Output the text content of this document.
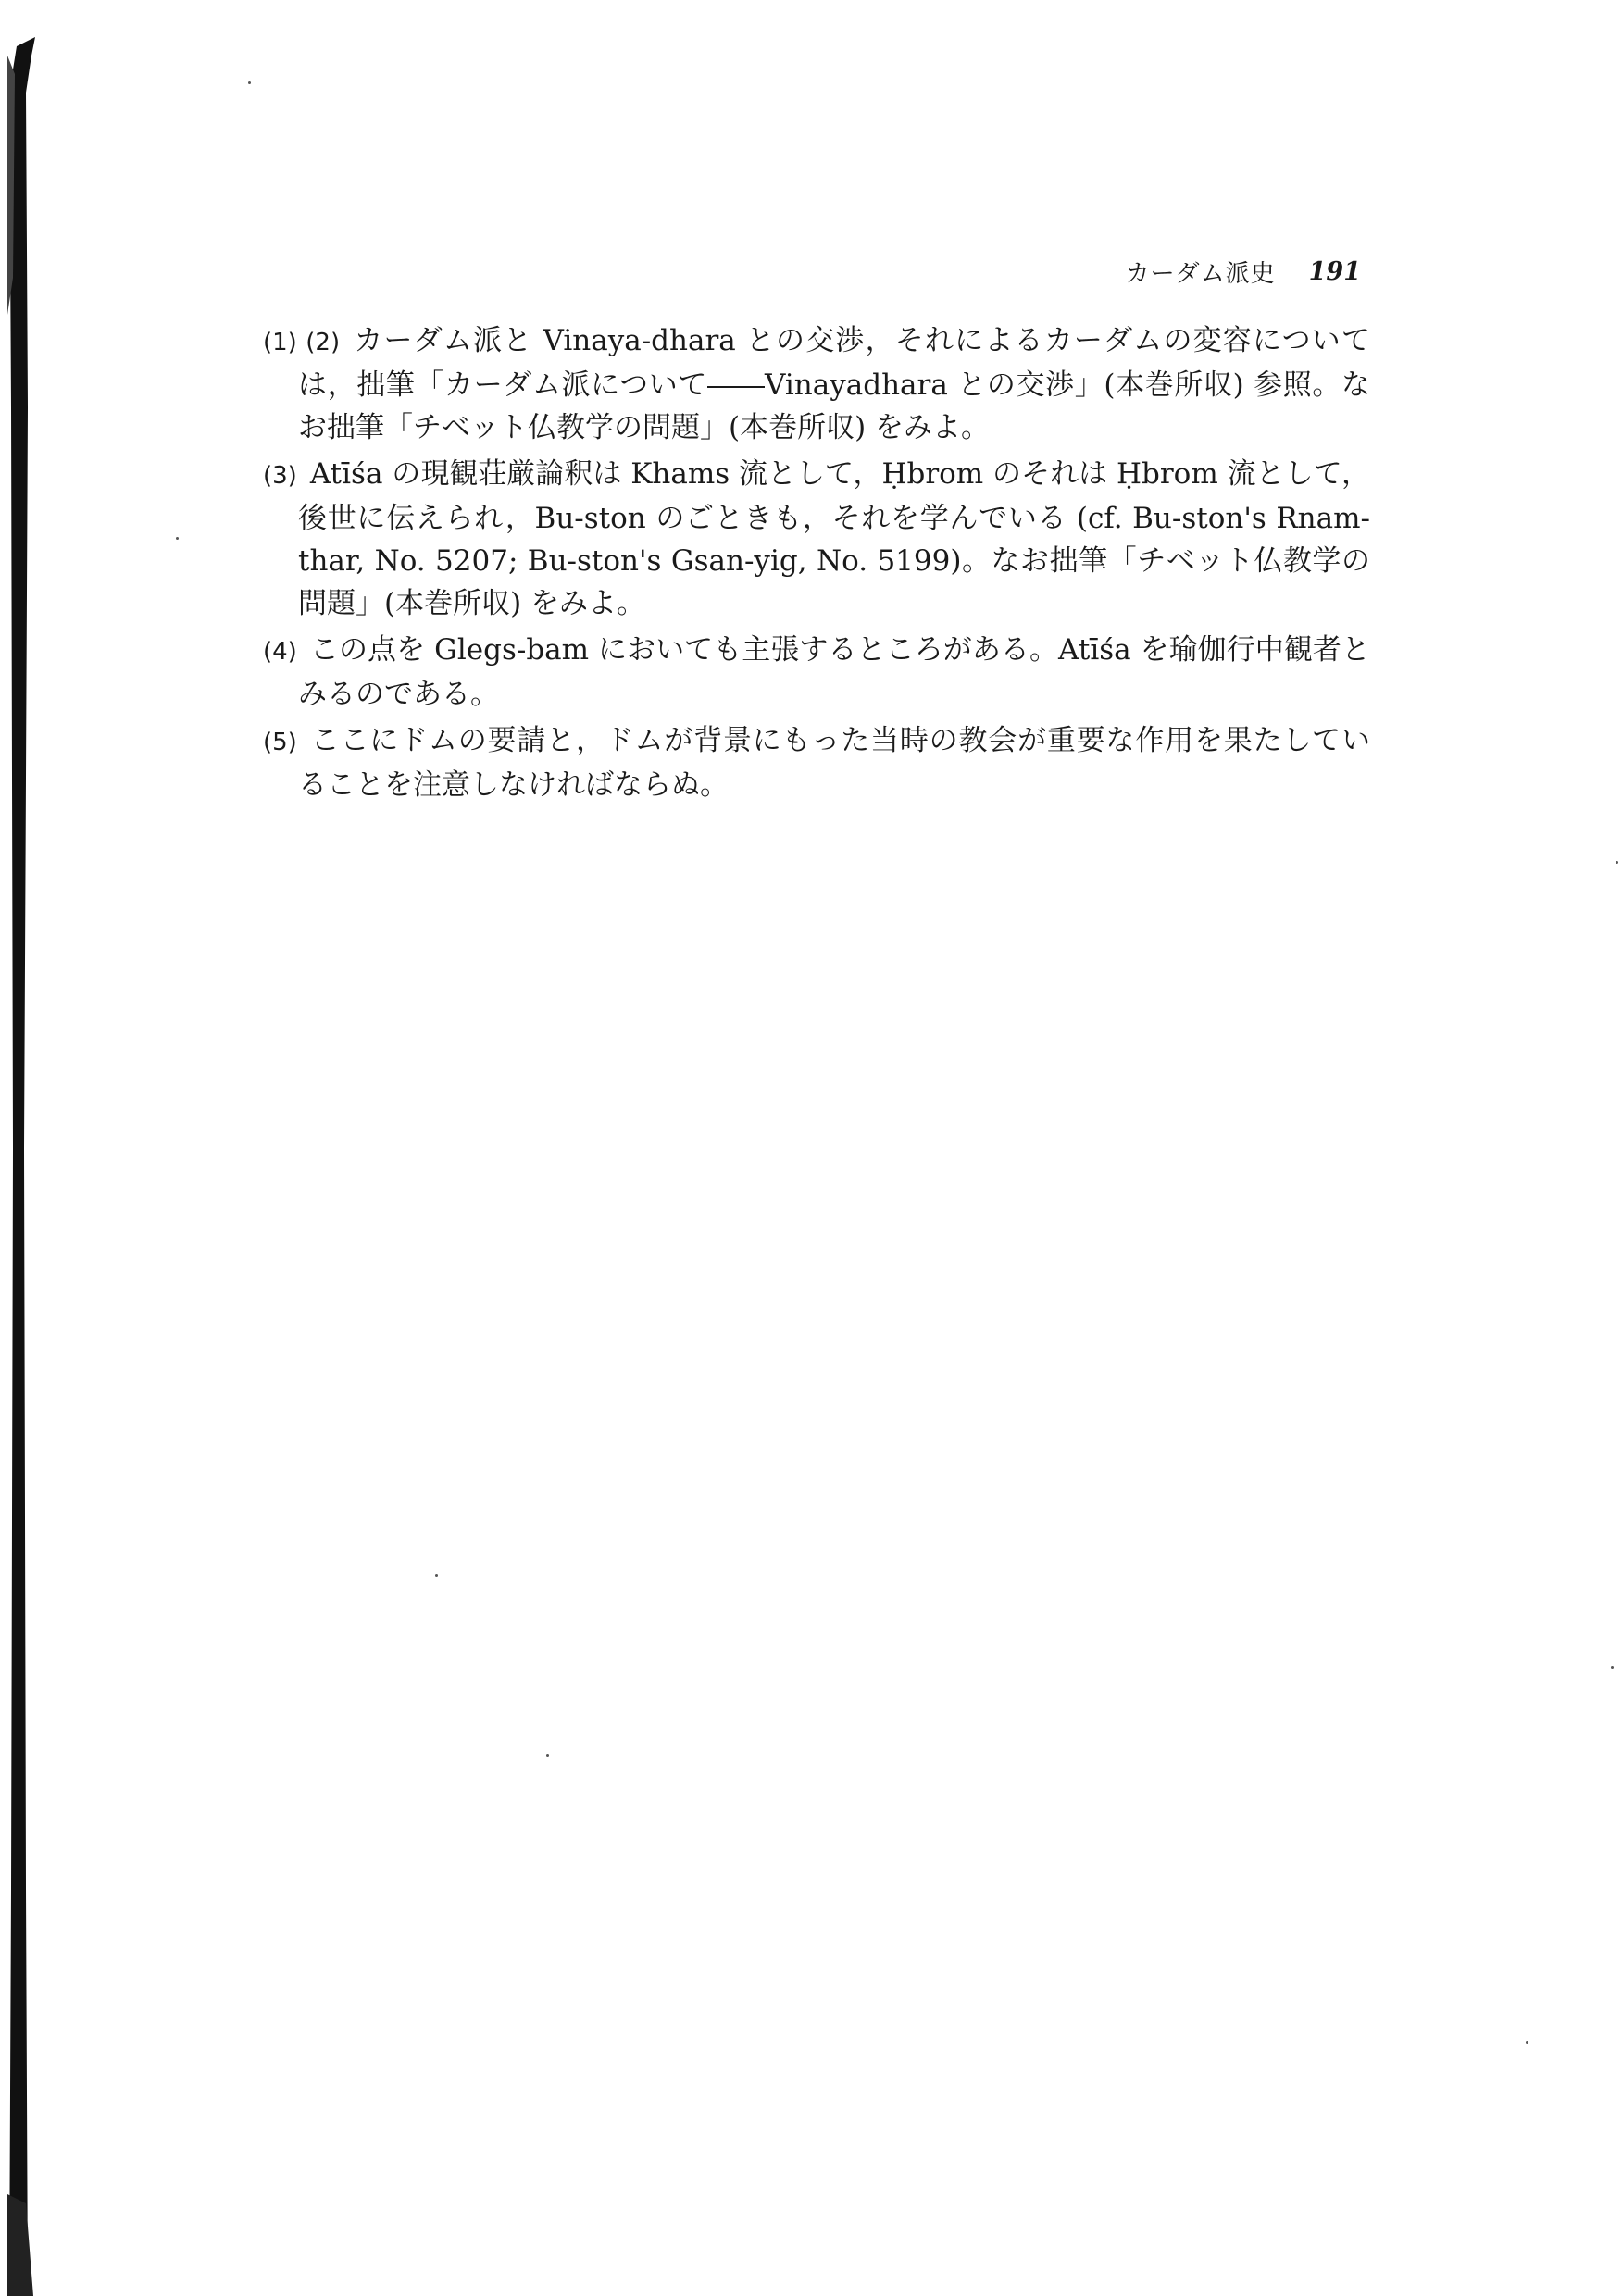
カーダム派史 191

(1) (2) カーダム派と Vinaya-dhara との交渉，それによるカーダムの変容については，拙筆「カーダム派について――Vinayadhara との交渉」(本巻所収) 参照。なお拙筆「チベット仏教学の問題」(本巻所収) をみよ。

(3) Atīśa の現観荘厳論釈は Khams 流として，Ḥbrom のそれは Ḥbrom 流として，後世に伝えられ，Bu-ston のごときも，それを学んでいる (cf. Bu-ston's Rnam-thar, No. 5207; Bu-ston's Gsan-yig, No. 5199)。なお拙筆「チベット仏教学の問題」(本巻所収) をみよ。

(4) この点を Glegs-bam においても主張するところがある。Atīśa を瑜伽行中観者とみるのである。

(5) ここにドムの要請と，ドムが背景にもった当時の教会が重要な作用を果たしていることを注意しなければならぬ。
